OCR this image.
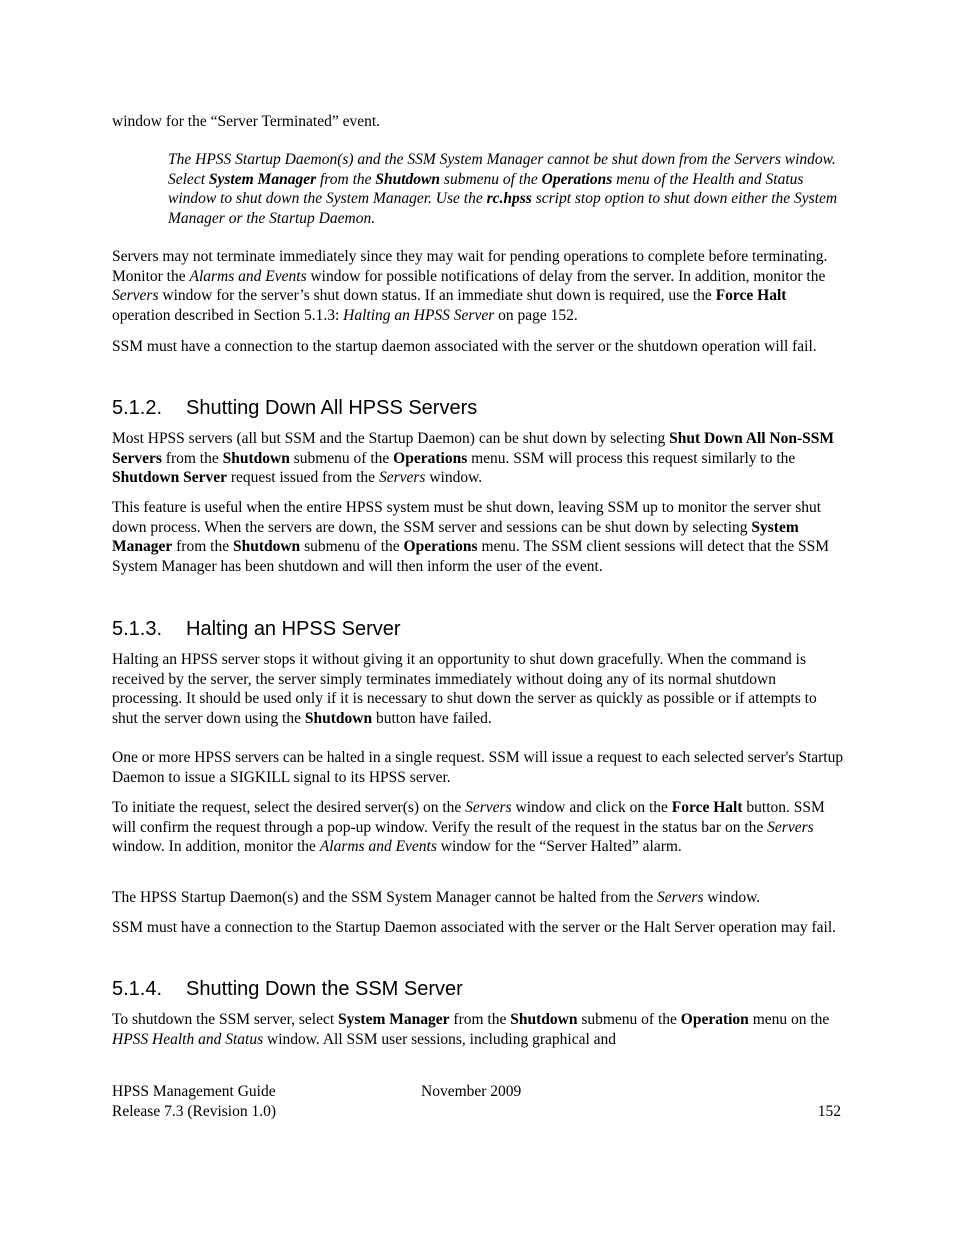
window for the “Server Terminated” event.

The HPSS Startup Daemon(s) and the SSM System Manager cannot be shut down from the Servers window. Select System Manager from the Shutdown submenu of the Operations menu of the Health and Status window to shut down the System Manager. Use the rc.hpss script stop option to shut down either the System Manager or the Startup Daemon.

Servers may not terminate immediately since they may wait for pending operations to complete before terminating. Monitor the Alarms and Events window for possible notifications of delay from the server. In addition, monitor the Servers window for the server’s shut down status. If an immediate shut down is required, use the Force Halt operation described in Section 5.1.3: Halting an HPSS Server on page 152.

SSM must have a connection to the startup daemon associated with the server or the shutdown operation will fail.

5.1.2. Shutting Down All HPSS Servers

Most HPSS servers (all but SSM and the Startup Daemon) can be shut down by selecting Shut Down All Non-SSM Servers from the Shutdown submenu of the Operations menu. SSM will process this request similarly to the Shutdown Server request issued from the Servers window.

This feature is useful when the entire HPSS system must be shut down, leaving SSM up to monitor the server shut down process. When the servers are down, the SSM server and sessions can be shut down by selecting System Manager from the Shutdown submenu of the Operations menu. The SSM client sessions will detect that the SSM System Manager has been shutdown and will then inform the user of the event.

5.1.3. Halting an HPSS Server

Halting an HPSS server stops it without giving it an opportunity to shut down gracefully. When the command is received by the server, the server simply terminates immediately without doing any of its normal shutdown processing. It should be used only if it is necessary to shut down the server as quickly as possible or if attempts to shut the server down using the Shutdown button have failed.

One or more HPSS servers can be halted in a single request. SSM will issue a request to each selected server's Startup Daemon to issue a SIGKILL signal to its HPSS server.

To initiate the request, select the desired server(s) on the Servers window and click on the Force Halt button. SSM will confirm the request through a pop-up window. Verify the result of the request in the status bar on the Servers window. In addition, monitor the Alarms and Events window for the “Server Halted” alarm.

The HPSS Startup Daemon(s) and the SSM System Manager cannot be halted from the Servers window.

SSM must have a connection to the Startup Daemon associated with the server or the Halt Server operation may fail.

5.1.4. Shutting Down the SSM Server

To shutdown the SSM server, select System Manager from the Shutdown submenu of the Operation menu on the HPSS Health and Status window. All SSM user sessions, including graphical and

HPSS Management Guide
Release 7.3 (Revision 1.0)
November 2009
152
